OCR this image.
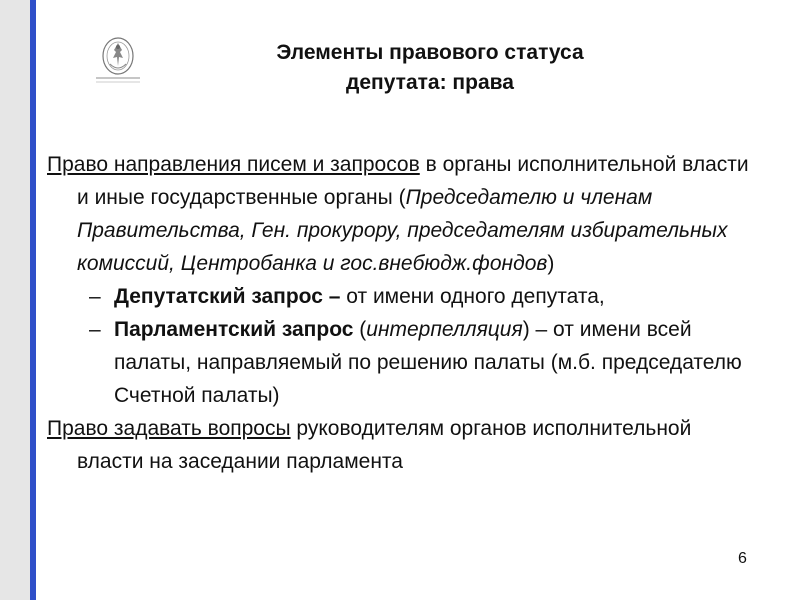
Элементы правового статуса
депутата: права

Право направления писем и запросов в органы исполнительной власти и иные государственные органы (Председателю и членам Правительства, Ген. прокурору, председателям избирательных комиссий, Центробанка и гос.внебюдж.фондов)

– Депутатский запрос – от имени одного депутата,

– Парламентский запрос (интерпелляция) – от имени всей палаты, направляемый по решению палаты (м.б. председателю Счетной палаты)

Право задавать вопросы руководителям органов исполнительной власти на заседании парламента

6
